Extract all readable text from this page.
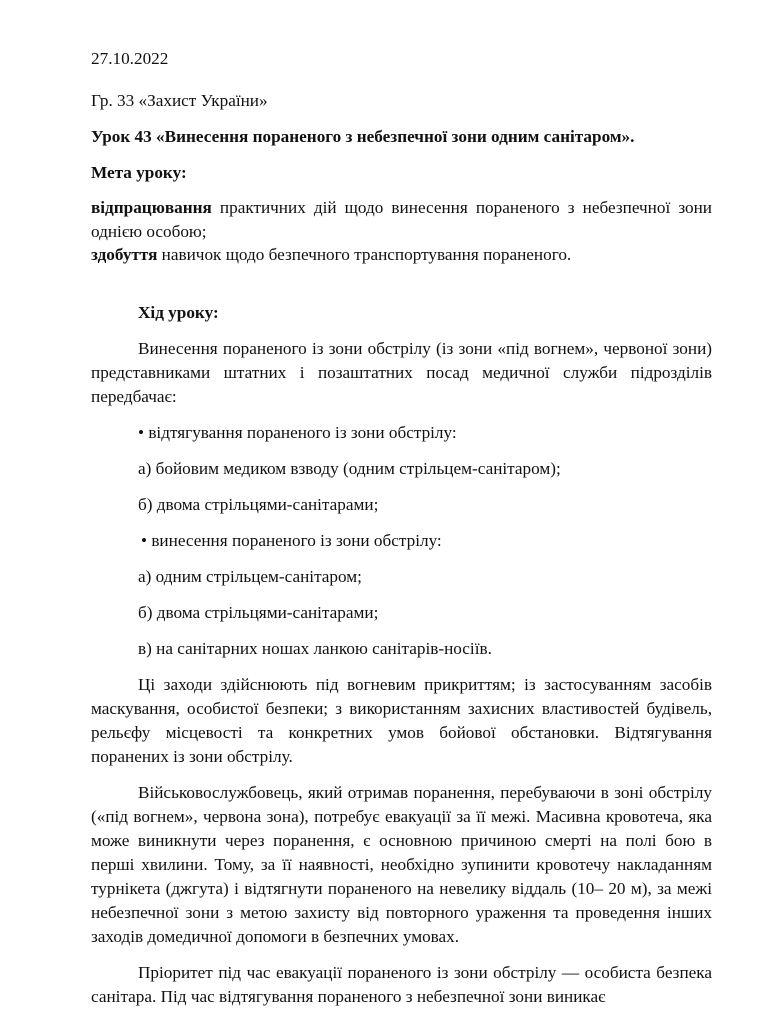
27.10.2022

Гр. 33 «Захист України»

Урок 43 «Винесення пораненого з небезпечної зони одним санітаром».

Мета уроку:

відпрацювання практичних дій щодо винесення пораненого з небезпечної зони однією особою;

здобуття навичок щодо безпечного транспортування пораненого.

Хід уроку:

Винесення пораненого із зони обстрілу (із зони «під вогнем», червоної зони) представниками штатних і позаштатних посад медичної служби підрозділів передбачає:

• відтягування пораненого із зони обстрілу:

а) бойовим медиком взводу (одним стрільцем-санітаром);

б) двома стрільцями-санітарами;

• винесення пораненого із зони обстрілу:

а) одним стрільцем-санітаром;

б) двома стрільцями-санітарами;

в) на санітарних ношах ланкою санітарів-носіїв.

Ці заходи здійснюють під вогневим прикриттям; із застосуванням засобів маскування, особистої безпеки; з використанням захисних властивостей будівель, рельєфу місцевості та конкретних умов бойової обстановки. Відтягування поранених із зони обстрілу.

Військовослужбовець, який отримав поранення, перебуваючи в зоні обстрілу («під вогнем», червона зона), потребує евакуації за її межі. Масивна кровотеча, яка може виникнути через поранення, є основною причиною смерті на полі бою в перші хвилини. Тому, за її наявності, необхідно зупинити кровотечу накладанням турнікета (джгута) і відтягнути пораненого на невелику віддаль (10– 20 м), за межі небезпечної зони з метою захисту від повторного ураження та проведення інших заходів домедичної допомоги в безпечних умовах.

Пріоритет під час евакуації пораненого із зони обстрілу — особиста безпека санітара. Під час відтягування пораненого з небезпечної зони виникає
